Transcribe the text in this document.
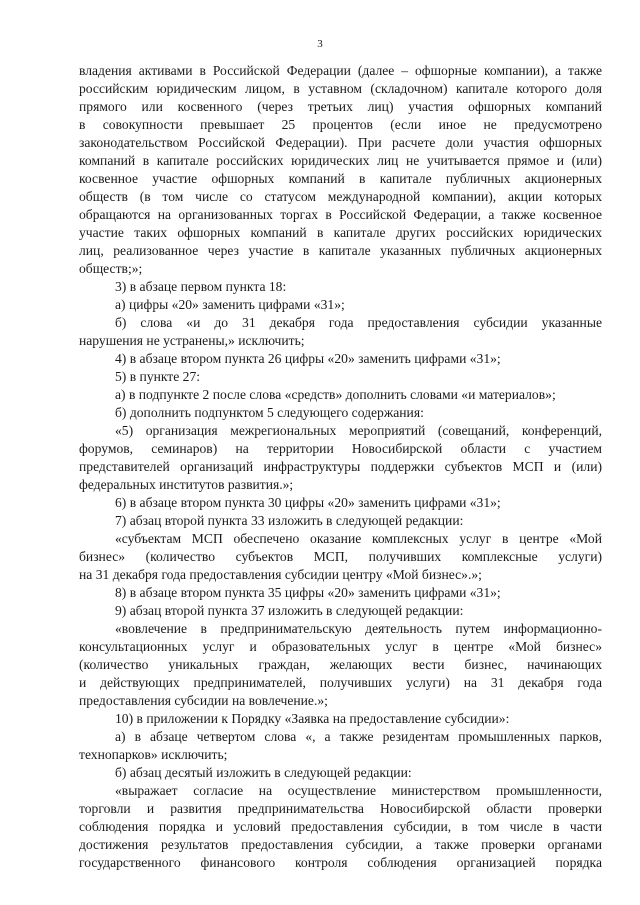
3
владения активами в Российской Федерации (далее – офшорные компании), а также
российским юридическим лицом, в уставном (складочном) капитале которого доля
прямого или косвенного (через третьих лиц) участия офшорных компаний
в совокупности превышает 25 процентов (если иное не предусмотрено
законодательством Российской Федерации). При расчете доли участия офшорных
компаний в капитале российских юридических лиц не учитывается прямое и (или)
косвенное участие офшорных компаний в капитале публичных акционерных
обществ (в том числе со статусом международной компании), акции которых
обращаются на организованных торгах в Российской Федерации, а также косвенное
участие таких офшорных компаний в капитале других российских юридических
лиц, реализованное через участие в капитале указанных публичных акционерных
обществ;»;
3) в абзаце первом пункта 18:
а) цифры «20» заменить цифрами «31»;
б) слова «и до 31 декабря года предоставления субсидии указанные
нарушения не устранены,» исключить;
4) в абзаце втором пункта 26 цифры «20» заменить цифрами «31»;
5) в пункте 27:
а) в подпункте 2 после слова «средств» дополнить словами «и материалов»;
б) дополнить подпунктом 5 следующего содержания:
«5) организация межрегиональных мероприятий (совещаний, конференций,
форумов, семинаров) на территории Новосибирской области с участием
представителей организаций инфраструктуры поддержки субъектов МСП и (или)
федеральных институтов развития.»;
6) в абзаце втором пункта 30 цифры «20» заменить цифрами «31»;
7) абзац второй пункта 33 изложить в следующей редакции:
«субъектам МСП обеспечено оказание комплексных услуг в центре «Мой
бизнес» (количество субъектов МСП, получивших комплексные услуги)
на 31 декабря года предоставления субсидии центру «Мой бизнес».»;
8) в абзаце втором пункта 35 цифры «20» заменить цифрами «31»;
9) абзац второй пункта 37 изложить в следующей редакции:
«вовлечение в предпринимательскую деятельность путем информационно-
консультационных услуг и образовательных услуг в центре «Мой бизнес»
(количество уникальных граждан, желающих вести бизнес, начинающих
и действующих предпринимателей, получивших услуги) на 31 декабря года
предоставления субсидии на вовлечение.»;
10) в приложении к Порядку «Заявка на предоставление субсидии»:
а) в абзаце четвертом слова «, а также резидентам промышленных парков,
технопарков» исключить;
б) абзац десятый изложить в следующей редакции:
«выражает согласие на осуществление министерством промышленности,
торговли и развития предпринимательства Новосибирской области проверки
соблюдения порядка и условий предоставления субсидии, в том числе в части
достижения результатов предоставления субсидии, а также проверки органами
государственного финансового контроля соблюдения организацией порядка
